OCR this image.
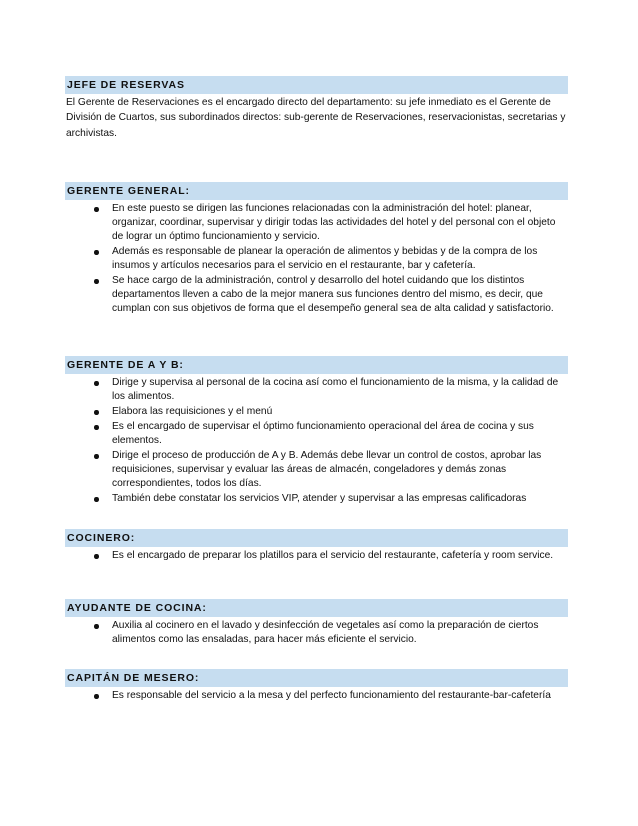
JEFE DE RESERVAS

El Gerente de Reservaciones es el encargado directo del departamento: su jefe inmediato es el Gerente de División de Cuartos, sus subordinados directos: sub-gerente de Reservaciones, reservacionistas, secretarias y archivistas.

GERENTE GENERAL:
En este puesto se dirigen las funciones relacionadas con la administración del hotel: planear, organizar, coordinar, supervisar y dirigir todas las actividades del hotel y del personal con el objeto de lograr un óptimo funcionamiento y servicio.
Además es responsable de planear la operación de alimentos y bebidas y de la compra de los insumos y artículos necesarios para el servicio en el restaurante, bar y cafetería.
Se hace cargo de la administración, control y desarrollo del hotel cuidando que los distintos departamentos lleven a cabo de la mejor manera sus funciones dentro del mismo, es decir, que cumplan con sus objetivos de forma que el desempeño general sea de alta calidad y satisfactorio.
GERENTE DE A Y B:
Dirige y supervisa al personal de la cocina así como el funcionamiento de la misma, y la calidad de los alimentos.
Elabora las requisiciones y el menú
Es el encargado de supervisar el óptimo funcionamiento operacional del área de cocina y sus elementos.
Dirige el proceso de producción de A y B. Además debe llevar un control de costos, aprobar las requisiciones, supervisar y evaluar las áreas de almacén, congeladores y demás zonas correspondientes, todos los días.
También debe constatar los servicios VIP, atender y supervisar a las empresas calificadoras
COCINERO:
Es el encargado de preparar los platillos para el servicio del restaurante, cafetería y room service.
AYUDANTE DE COCINA:
Auxilia al cocinero en el lavado y desinfección de vegetales así como la preparación de ciertos alimentos como las ensaladas, para hacer más eficiente el servicio.
CAPITÁN DE MESERO:
Es responsable del servicio a la mesa y del perfecto funcionamiento del restaurante-bar-cafetería
